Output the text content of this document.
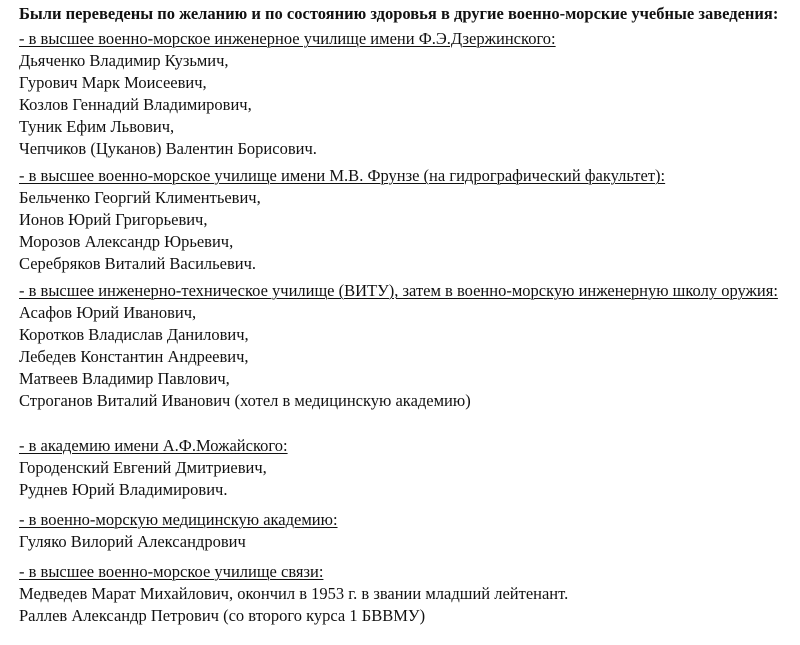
Были переведены по желанию и по состоянию здоровья в другие военно-морские учебные заведения:
- в высшее военно-морское инженерное училище имени Ф.Э.Дзержинского:
Дьяченко Владимир Кузьмич,
Гурович Марк Моисеевич,
Козлов Геннадий Владимирович,
Туник Ефим Львович,
Чепчиков (Цуканов) Валентин Борисович.
- в высшее военно-морское училище имени М.В. Фрунзе (на гидрографический факультет):
Бельченко Георгий Климентьевич,
Ионов Юрий Григорьевич,
Морозов Александр Юрьевич,
Серебряков Виталий Васильевич.
- в высшее инженерно-техническое училище (ВИТУ), затем в военно-морскую инженерную школу оружия:
Асафов Юрий Иванович,
Коротков Владислав Данилович,
Лебедев Константин Андреевич,
Матвеев Владимир Павлович,
Строганов Виталий Иванович (хотел в медицинскую академию)
- в академию имени А.Ф.Можайского:
Городенский Евгений Дмитриевич,
Руднев Юрий Владимирович.
- в военно-морскую медицинскую академию:
Гуляко Вилорий Александрович
- в высшее военно-морское училище связи:
Медведев Марат Михайлович, окончил в 1953 г. в звании младший лейтенант.
Раллев Александр Петрович (со второго курса 1 БВВМУ)
